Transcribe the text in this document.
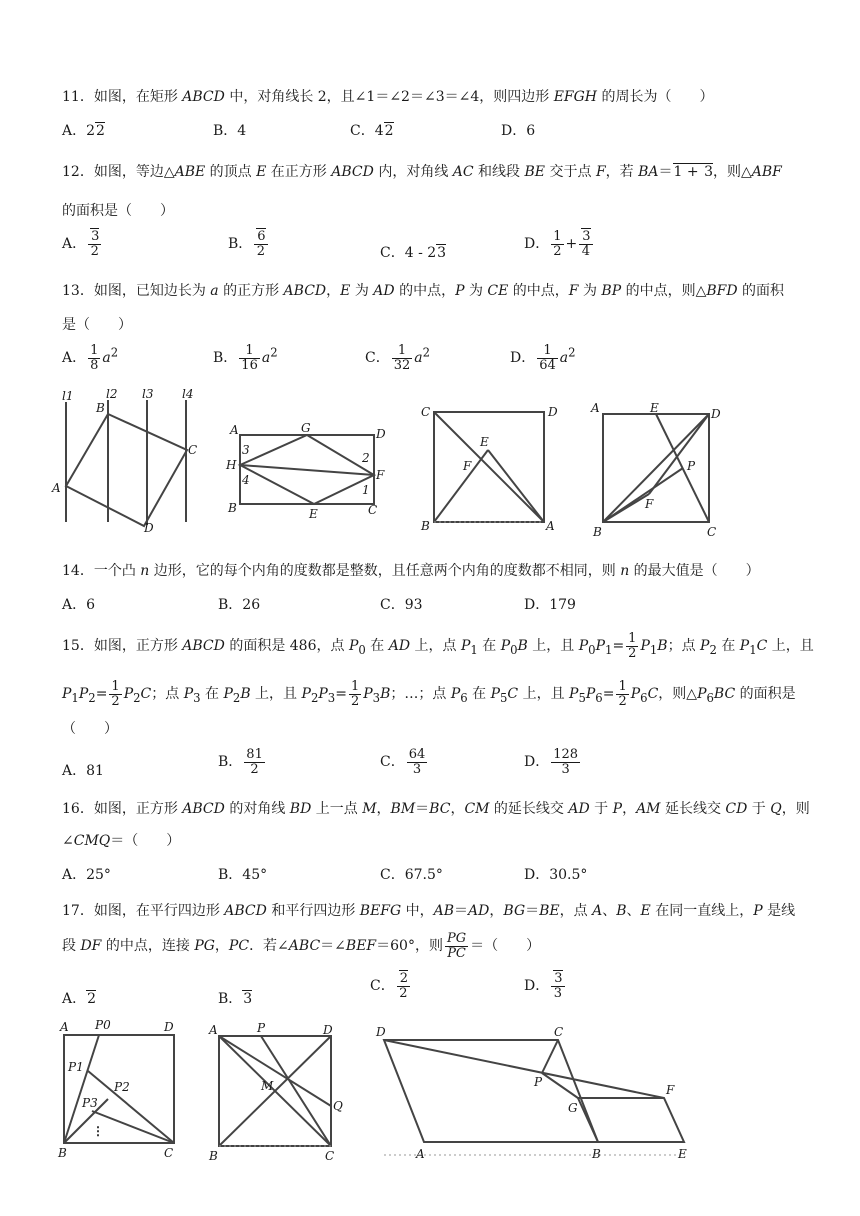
11．如图，在矩形 ABCD 中，对角线长 2，且∠1＝∠2＝∠3＝∠4，则四边形 EFGH 的周长为（　　）
A．22	B．4	C．42	D．6
12．如图，等边△ABE 的顶点 E 在正方形 ABCD 内，对角线 AC 和线段 BE 交于点 F，若 BA＝1 + 3，则△ABF
的面积是（　　）
A． $\frac{3}{2}$	B． $\frac{6}{2}$	C．4 - 23
D． $\frac{1}{2} + \frac{3}{4}$
13．如图，已知边长为 a 的正方形 ABCD，E 为 AD 的中点，P 为 CE 的中点，F 为 BP 的中点，则△BFD 的面积
是（　　）
A． $\frac{1}{8} a^2$	B． $\frac{1}{16} a^2$	C． $\frac{1}{32} a^2$	D． $\frac{1}{64} a^2$
l1	l2 l3 l4
A
B
C
D
A	D
G
H
F
B	E	C
1
2
3
4
C	D
E
F
B	A
A	E	D
P
F
B	C
14．一个凸 n 边形，它的每个内角的度数都是整数，且任意两个内角的度数都不相同，则 n 的最大值是（　　）
A．6	B．26	C．93	D．179
15．如图，正方形 ABCD 的面积是 486，点 $P_0$ 在 AD 上，点 $P_1$ 在 $P_0B$ 上，且 $P_0P_1= \frac{1}{2} P_1B$；点 $P_2$ 在 $P_1C$ 上，且
$P_1P_2= \frac{1}{2} P_2C$；点 $P_3$ 在 $P_2B$ 上，且 $P_2P_3= \frac{1}{2} P_3B$；…；点 $P_6$ 在 $P_5C$ 上，且 $P_5P_6= \frac{1}{2} P_6C$，则$\triangle P_6BC$ 的面积是
（　　）
A．81
B． $\frac{81}{2}$	C． $\frac{64}{3}$	D． $\frac{128}{3}$
16．如图，正方形 ABCD 的对角线 BD 上一点 M，BM＝BC，CM 的延长线交 AD 于 P，AM 延长线交 CD 于 Q，则
∠CMQ＝（　　）
A．25°	B．45°	C．67.5°	D．30.5°
17．如图，在平行四边形 ABCD 和平行四边形 BEFG 中，AB＝AD，BG＝BE，点 A、B、E 在同一直线上，P 是线
段 DF 的中点，连接 PG，PC．若∠ABC＝∠BEF＝60°，则 $\frac{PG}{PC}$ ＝（　　）
A．2	B．3
C． $\frac{2}{2}$	D． $\frac{3}{3}$
A P0	D
P1
P2
P3
⋮
B	C
A	P	D
M
Q
B	C
D	C
P
F
G
A	B	E
